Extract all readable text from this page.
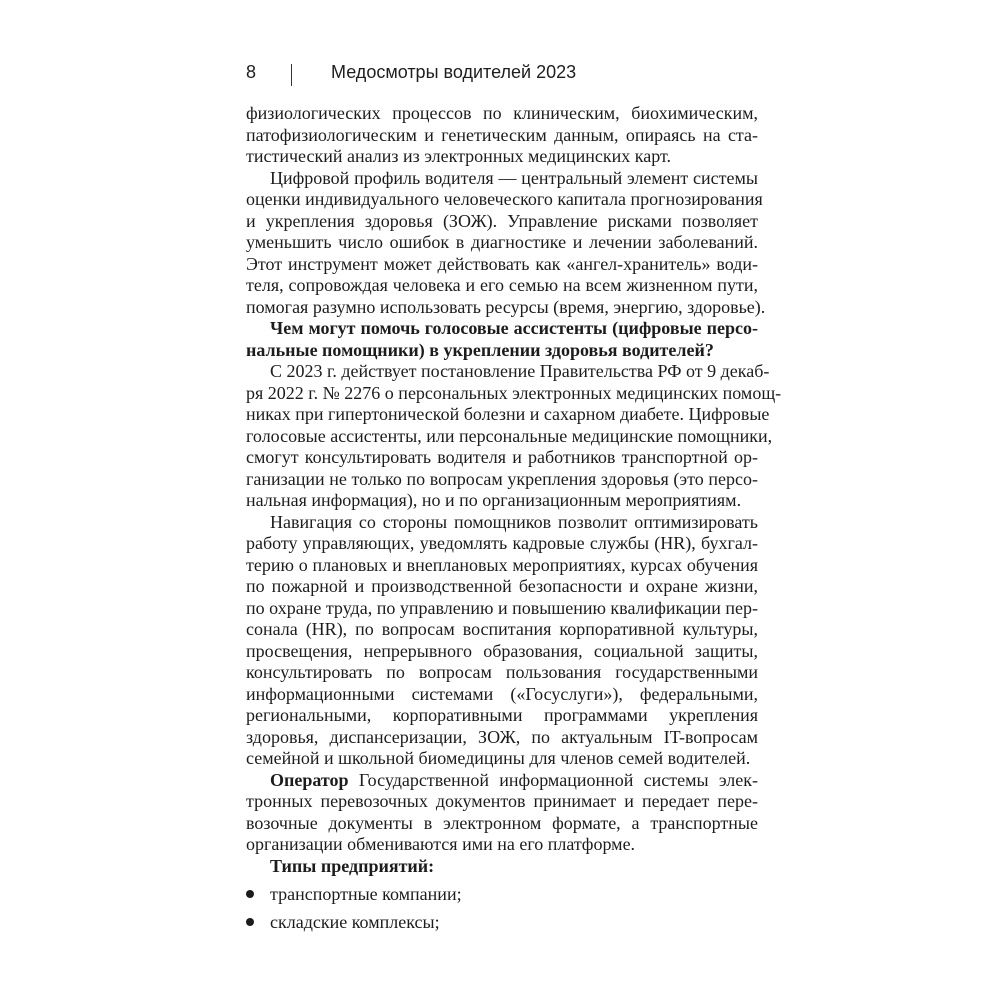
8	Медосмотры водителей 2023
физиологических процессов по клиническим, биохимическим,
патофизиологическим и генетическим данным, опираясь на ста-
тистический анализ из электронных медицинских карт.
Цифровой профиль водителя — центральный элемент системы
оценки индивидуального человеческого капитала прогнозирования
и укрепления здоровья (ЗОЖ). Управление рисками позволяет
уменьшить число ошибок в диагностике и лечении заболеваний.
Этот инструмент может действовать как «ангел-хранитель» води-
теля, сопровождая человека и его семью на всем жизненном пути,
помогая разумно использовать ресурсы (время, энергию, здоровье).
Чем могут помочь голосовые ассистенты (цифровые персо-
нальные помощники) в укреплении здоровья водителей?
С 2023 г. действует постановление Правительства РФ от 9 декаб-
ря 2022 г. № 2276 о персональных электронных медицинских помощ-
никах при гипертонической болезни и сахарном диабете. Цифровые
голосовые ассистенты, или персональные медицинские помощники,
смогут консультировать водителя и работников транспортной ор-
ганизации не только по вопросам укрепления здоровья (это персо-
нальная информация), но и по организационным мероприятиям.
Навигация со стороны помощников позволит оптимизировать
работу управляющих, уведомлять кадровые службы (HR), бухгал-
терию о плановых и внеплановых мероприятиях, курсах обучения
по пожарной и производственной безопасности и охране жизни,
по охране труда, по управлению и повышению квалификации пер-
сонала (HR), по вопросам воспитания корпоративной культуры,
просвещения, непрерывного образования, социальной защиты,
консультировать по вопросам пользования государственными
информационными системами («Госуслуги»), федеральными,
региональными, корпоративными программами укрепления
здоровья, диспансеризации, ЗОЖ, по актуальным IT-вопросам
семейной и школьной биомедицины для членов семей водителей.
Оператор Государственной информационной системы элек-
тронных перевозочных документов принимает и передает пере-
возочные документы в электронном формате, а транспортные
организации обмениваются ими на его платформе.
Типы предприятий:
транспортные компании;
складские комплексы;
